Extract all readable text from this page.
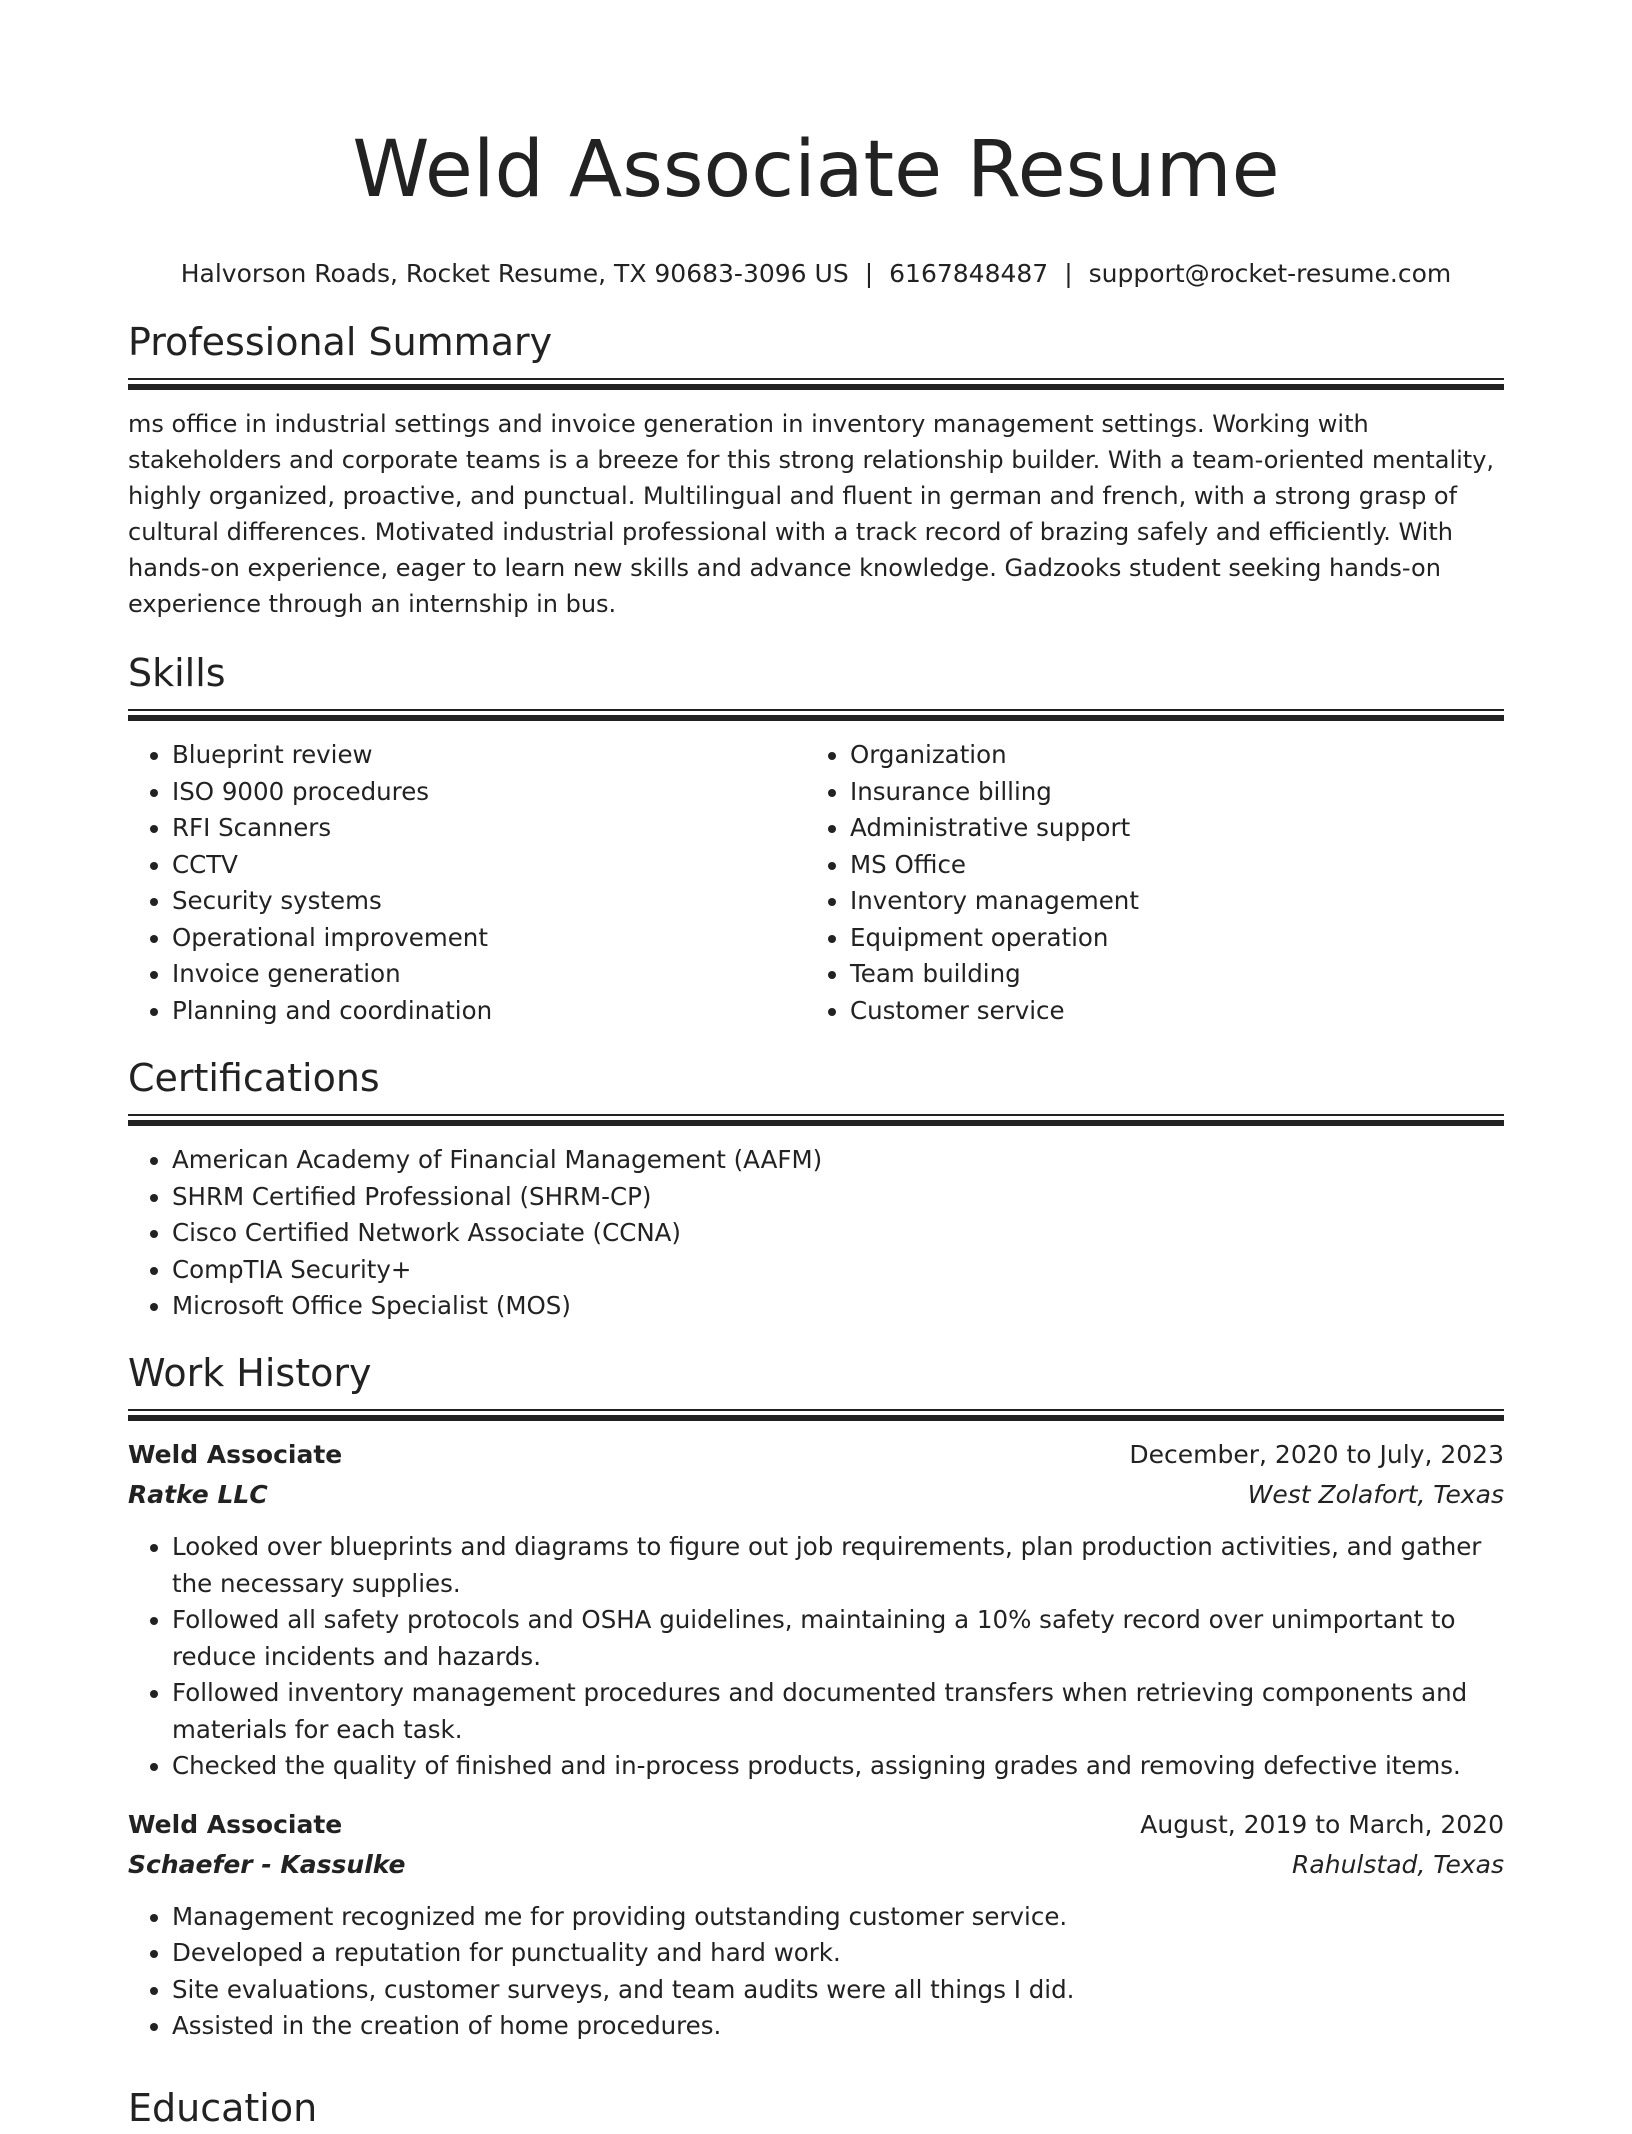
Weld Associate Resume
Halvorson Roads, Rocket Resume, TX 90683-3096 US | 6167848487 | support@rocket-resume.com
Professional Summary

ms office in industrial settings and invoice generation in inventory management settings. Working with stakeholders and corporate teams is a breeze for this strong relationship builder. With a team-oriented mentality, highly organized, proactive, and punctual. Multilingual and fluent in german and french, with a strong grasp of cultural differences. Motivated industrial professional with a track record of brazing safely and efficiently. With hands-on experience, eager to learn new skills and advance knowledge. Gadzooks student seeking hands-on experience through an internship in bus.

Skills
• Blueprint review
• ISO 9000 procedures
• RFI Scanners
• CCTV
• Security systems
• Operational improvement
• Invoice generation
• Planning and coordination
• Organization
• Insurance billing
• Administrative support
• MS Office
• Inventory management
• Equipment operation
• Team building
• Customer service
Certifications
• American Academy of Financial Management (AAFM)
• SHRM Certified Professional (SHRM-CP)
• Cisco Certified Network Associate (CCNA)
• CompTIA Security+
• Microsoft Office Specialist (MOS)
Work History
Weld Associate	December, 2020 to July, 2023
Ratke LLC	West Zolafort, Texas
• Looked over blueprints and diagrams to figure out job requirements, plan production activities, and gather the necessary supplies.
• Followed all safety protocols and OSHA guidelines, maintaining a 10% safety record over unimportant to reduce incidents and hazards.
• Followed inventory management procedures and documented transfers when retrieving components and materials for each task.
• Checked the quality of finished and in-process products, assigning grades and removing defective items.
Weld Associate	August, 2019 to March, 2020
Schaefer - Kassulke	Rahulstad, Texas
• Management recognized me for providing outstanding customer service.
• Developed a reputation for punctuality and hard work.
• Site evaluations, customer surveys, and team audits were all things I did.
• Assisted in the creation of home procedures.
Education
